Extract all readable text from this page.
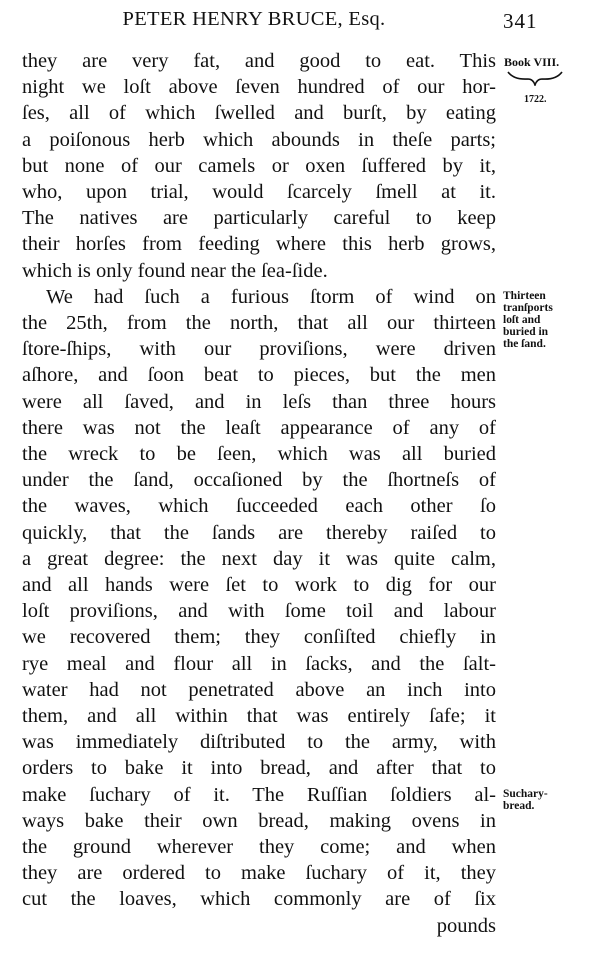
PETER HENRY BRUCE, Esq.	341
they are very fat, and good to eat. This
night we loſt above ſeven hundred of our hor-
ſes, all of which ſwelled and burſt, by eating
a poiſonous herb which abounds in theſe parts;
but none of our camels or oxen ſuffered by it,
who, upon trial, would ſcarcely ſmell at it.
The natives are particularly careful to keep
their horſes from feeding where this herb grows,
which is only found near the ſea-ſide.
We had ſuch a furious ſtorm of wind on
the 25th, from the north, that all our thirteen
ſtore-ſhips, with our proviſions, were driven
aſhore, and ſoon beat to pieces, but the men
were all ſaved, and in leſs than three hours
there was not the leaſt appearance of any of
the wreck to be ſeen, which was all buried
under the ſand, occaſioned by the ſhortneſs of
the waves, which ſucceeded each other ſo
quickly, that the ſands are thereby raiſed to
a great degree: the next day it was quite calm,
and all hands were ſet to work to dig for our
loſt proviſions, and with ſome toil and labour
we recovered them; they conſiſted chiefly in
rye meal and flour all in ſacks, and the ſalt-
water had not penetrated above an inch into
them, and all within that was entirely ſafe; it
was immediately diſtributed to the army, with
orders to bake it into bread, and after that to
make ſuchary of it. The Ruſſian ſoldiers al-
ways bake their own bread, making ovens in
the ground wherever they come; and when
they are ordered to make ſuchary of it, they
cut the loaves, which commonly are of ſix
pounds
Book VIII.
1722.
Thirteen
tranſports
loſt and
buried in
the ſand.
Suchary-
bread.
